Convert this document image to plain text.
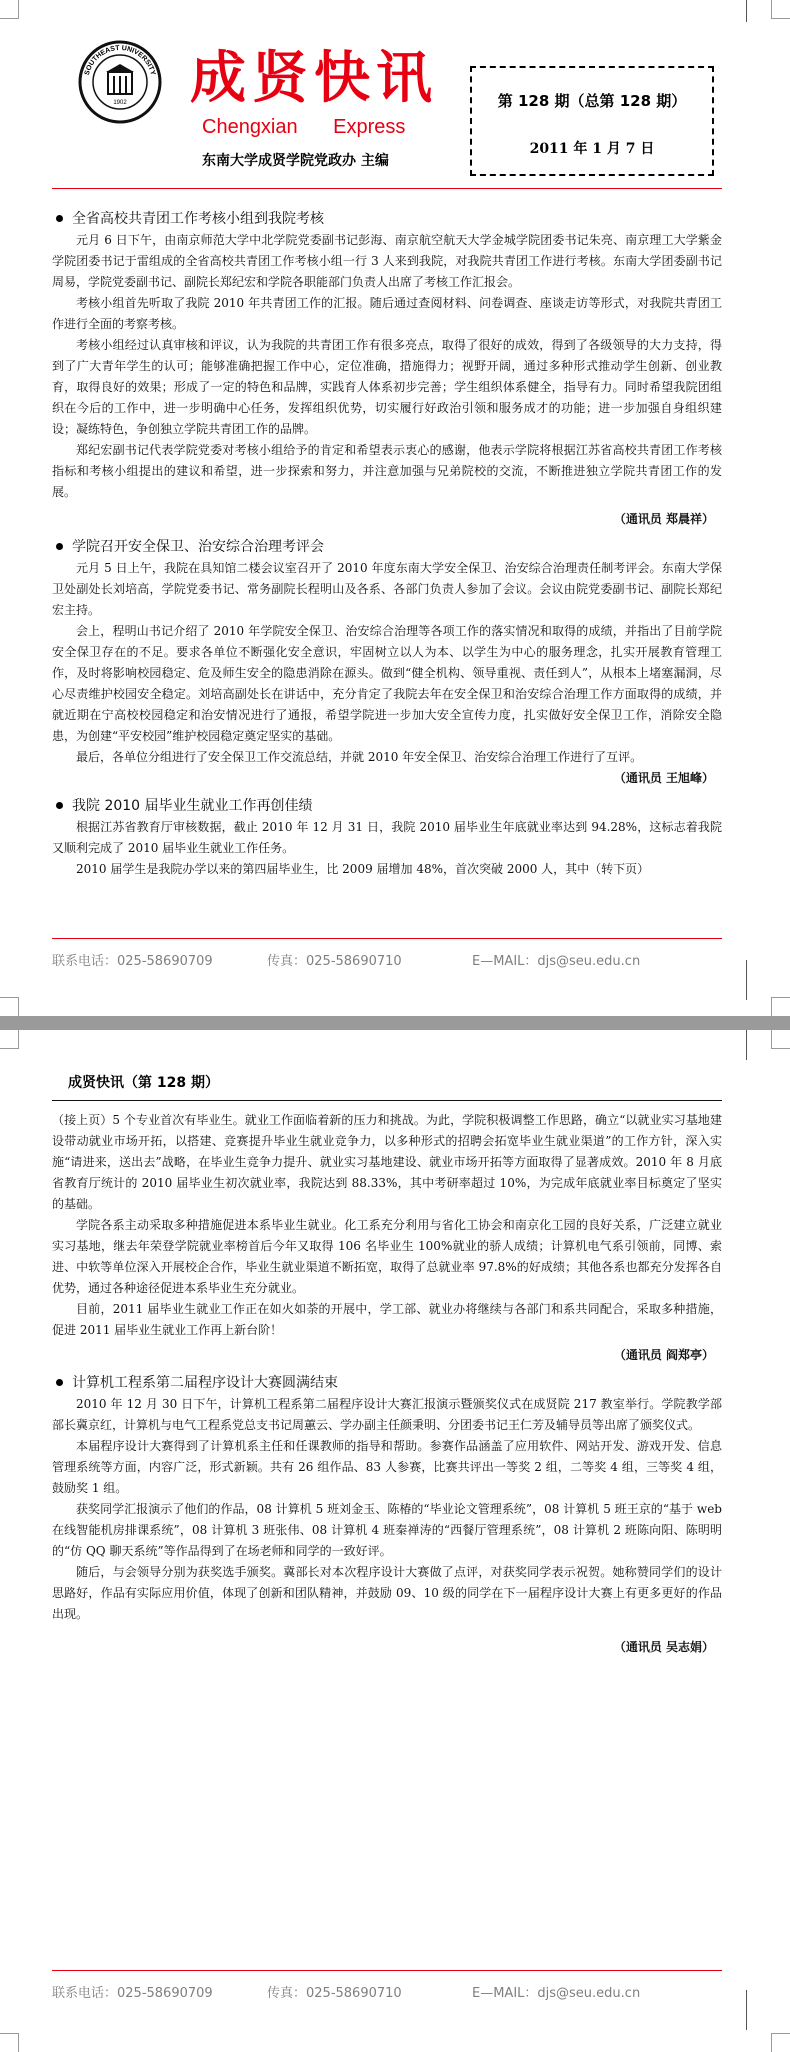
SOUTHEAST UNIVERSITY
1902 成贤快讯
Chengxian Express
东南大学成贤学院党政办 主编
第 128 期（总第 128 期）
2011 年 1 月 7 日
全省高校共青团工作考核小组到我院考核

元月 6 日下午，由南京师范大学中北学院党委副书记彭海、南京航空航天大学金城学院团委书记朱亮、南京理工大学紫金学院团委书记于雷组成的全省高校共青团工作考核小组一行 3 人来到我院，对我院共青团工作进行考核。东南大学团委副书记周易，学院党委副书记、副院长郑纪宏和学院各职能部门负责人出席了考核工作汇报会。

考核小组首先听取了我院 2010 年共青团工作的汇报。随后通过查阅材料、问卷调查、座谈走访等形式，对我院共青团工作进行全面的考察考核。

考核小组经过认真审核和评议，认为我院的共青团工作有很多亮点，取得了很好的成效，得到了各级领导的大力支持，得到了广大青年学生的认可；能够准确把握工作中心，定位准确，措施得力；视野开阔，通过多种形式推动学生创新、创业教育，取得良好的效果；形成了一定的特色和品牌，实践育人体系初步完善；学生组织体系健全，指导有力。同时希望我院团组织在今后的工作中，进一步明确中心任务，发挥组织优势，切实履行好政治引领和服务成才的功能；进一步加强自身组织建设；凝练特色，争创独立学院共青团工作的品牌。

郑纪宏副书记代表学院党委对考核小组给予的肯定和希望表示衷心的感谢，他表示学院将根据江苏省高校共青团工作考核指标和考核小组提出的建议和希望，进一步探索和努力，并注意加强与兄弟院校的交流，不断推进独立学院共青团工作的发展。

（通讯员 郑晨祥）
学院召开安全保卫、治安综合治理考评会

元月 5 日上午，我院在具知馆二楼会议室召开了 2010 年度东南大学安全保卫、治安综合治理责任制考评会。东南大学保卫处副处长刘培高，学院党委书记、常务副院长程明山及各系、各部门负责人参加了会议。会议由院党委副书记、副院长郑纪宏主持。

会上，程明山书记介绍了 2010 年学院安全保卫、治安综合治理等各项工作的落实情况和取得的成绩，并指出了目前学院安全保卫存在的不足。要求各单位不断强化安全意识，牢固树立以人为本、以学生为中心的服务理念，扎实开展教育管理工作，及时将影响校园稳定、危及师生安全的隐患消除在源头。做到“健全机构、领导重视、责任到人”，从根本上堵塞漏洞，尽心尽责维护校园安全稳定。刘培高副处长在讲话中，充分肯定了我院去年在安全保卫和治安综合治理工作方面取得的成绩，并就近期在宁高校校园稳定和治安情况进行了通报，希望学院进一步加大安全宣传力度，扎实做好安全保卫工作，消除安全隐患，为创建“平安校园”维护校园稳定奠定坚实的基础。

最后，各单位分组进行了安全保卫工作交流总结，并就 2010 年安全保卫、治安综合治理工作进行了互评。

（通讯员 王旭峰）
我院 2010 届毕业生就业工作再创佳绩

根据江苏省教育厅审核数据，截止 2010 年 12 月 31 日，我院 2010 届毕业生年底就业率达到 94.28%，这标志着我院又顺利完成了 2010 届毕业生就业工作任务。

2010 届学生是我院办学以来的第四届毕业生，比 2009 届增加 48%，首次突破 2000 人，其中（转下页）

联系电话：025-58690709	传真：025-58690710	E—MAIL：djs@seu.edu.cn
成贤快讯（第 128 期）

（接上页）5 个专业首次有毕业生。就业工作面临着新的压力和挑战。为此，学院积极调整工作思路，确立“以就业实习基地建设带动就业市场开拓，以搭建、竞赛提升毕业生就业竞争力，以多种形式的招聘会拓宽毕业生就业渠道”的工作方针，深入实施“请进来，送出去”战略，在毕业生竞争力提升、就业实习基地建设、就业市场开拓等方面取得了显著成效。2010 年 8 月底省教育厅统计的 2010 届毕业生初次就业率，我院达到 88.33%，其中考研率超过 10%，为完成年底就业率目标奠定了坚实的基础。

学院各系主动采取多种措施促进本系毕业生就业。化工系充分利用与省化工协会和南京化工园的良好关系，广泛建立就业实习基地，继去年荣登学院就业率榜首后今年又取得 106 名毕业生 100%就业的骄人成绩；计算机电气系引领前，同博、索进、中软等单位深入开展校企合作，毕业生就业渠道不断拓宽，取得了总就业率 97.8%的好成绩；其他各系也都充分发挥各自优势，通过各种途径促进本系毕业生充分就业。

目前，2011 届毕业生就业工作正在如火如荼的开展中，学工部、就业办将继续与各部门和系共同配合，采取多种措施，促进 2011 届毕业生就业工作再上新台阶！

（通讯员 阎郑亭）
计算机工程系第二届程序设计大赛圆满结束

2010 年 12 月 30 日下午，计算机工程系第二届程序设计大赛汇报演示暨颁奖仪式在成贤院 217 教室举行。学院教学部部长冀京红，计算机与电气工程系党总支书记周蕙云、学办副主任颜秉明、分团委书记王仁芳及辅导员等出席了颁奖仪式。

本届程序设计大赛得到了计算机系主任和任课教师的指导和帮助。参赛作品涵盖了应用软件、网站开发、游戏开发、信息管理系统等方面，内容广泛，形式新颖。共有 26 组作品、83 人参赛，比赛共评出一等奖 2 组，二等奖 4 组，三等奖 4 组，鼓励奖 1 组。

获奖同学汇报演示了他们的作品，08 计算机 5 班刘金玉、陈椿的“毕业论文管理系统”，08 计算机 5 班王京的“基于 web 在线智能机房排课系统”，08 计算机 3 班张伟、08 计算机 4 班秦禅涛的“西餐厅管理系统”，08 计算机 2 班陈向阳、陈明明的“仿 QQ 聊天系统”等作品得到了在场老师和同学的一致好评。

随后，与会领导分别为获奖选手颁奖。冀部长对本次程序设计大赛做了点评，对获奖同学表示祝贺。她称赞同学们的设计思路好，作品有实际应用价值，体现了创新和团队精神，并鼓励 09、10 级的同学在下一届程序设计大赛上有更多更好的作品出现。

（通讯员 吴志娟）
联系电话：025-58690709	传真：025-58690710	E—MAIL：djs@seu.edu.cn
